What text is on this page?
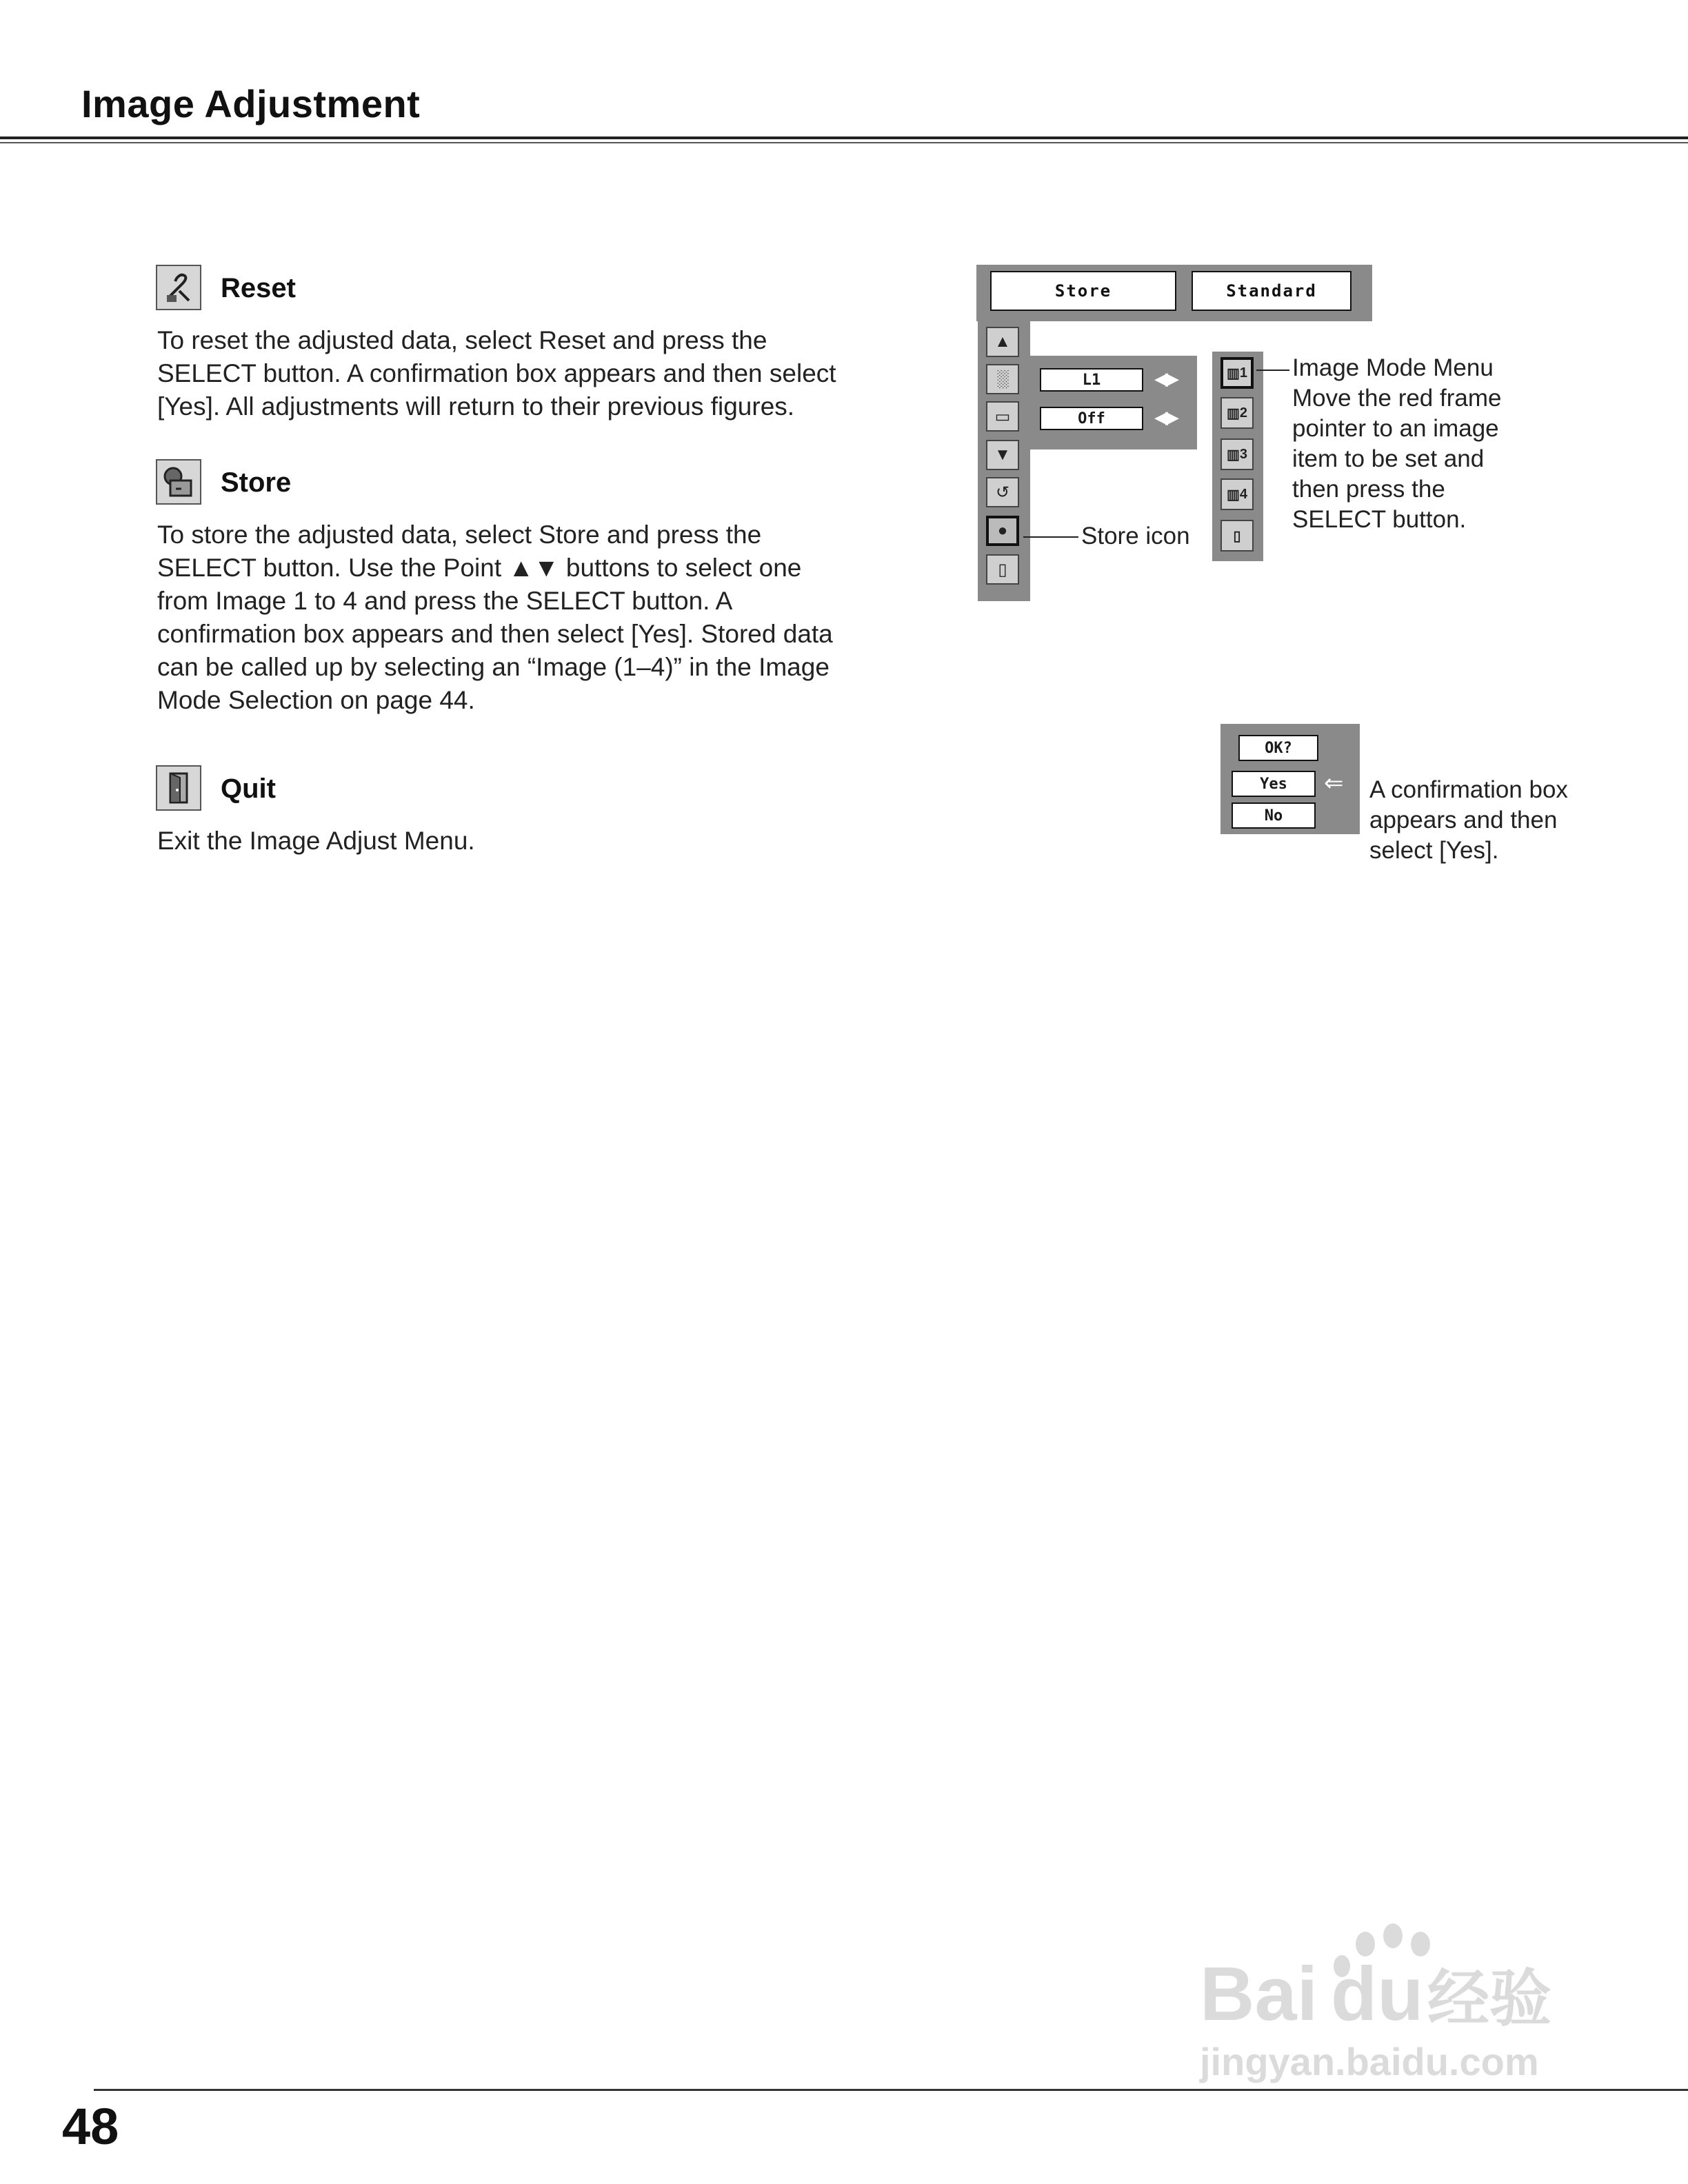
Image Adjustment
Reset
To reset the adjusted data, select Reset and press the
SELECT button. A confirmation box appears and then select
[Yes]. All adjustments will return to their previous figures.
Store
To store the adjusted data, select Store and press the
SELECT button. Use the Point ▲▼ buttons to select one
from Image 1 to 4 and press the SELECT button. A
confirmation box appears and then select [Yes]. Stored data
can be called up by selecting an “Image (1–4)” in the Image
Mode Selection on page 44.
Quit
Exit the Image Adjust Menu.
Store	Standard
▲
░
▭
▼
↺
●
▯
L1	◀▶
Off	◀▶
▥ 1
▥ 2
▥ 3
▥ 4
▯
Image Mode Menu
Move the red frame
pointer to an image
item to be set and
then press the
SELECT button.
Store icon
OK?
Yes	⇐
No
A confirmation box
appears and then
select [Yes].
Bai du 经验
jingyan.baidu.com
48
